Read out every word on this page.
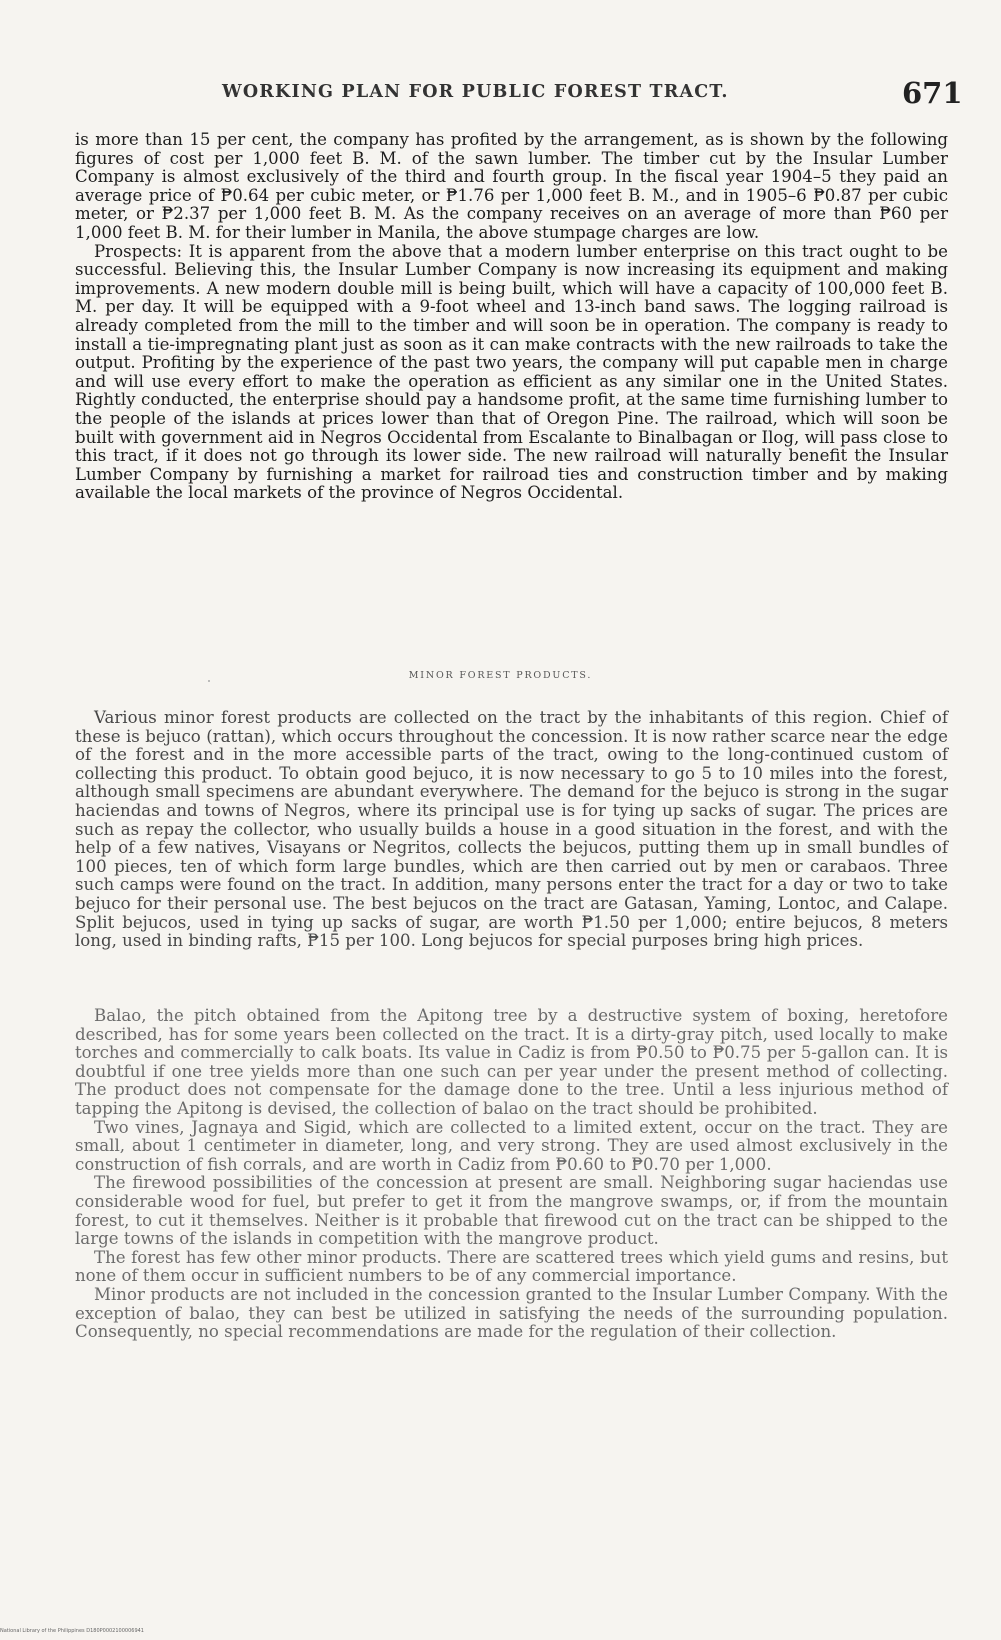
WORKING PLAN FOR PUBLIC FOREST TRACT.	671

is more than 15 per cent, the company has profited by the arrangement, as is shown by the following figures of cost per 1,000 feet B. M. of the sawn lumber. The timber cut by the Insular Lumber Company is almost exclusively of the third and fourth group. In the fiscal year 1904–5 they paid an average price of ₱0.64 per cubic meter, or ₱1.76 per 1,000 feet B. M., and in 1905–6 ₱0.87 per cubic meter, or ₱2.37 per 1,000 feet B. M. As the company receives on an average of more than ₱60 per 1,000 feet B. M. for their lumber in Manila, the above stumpage charges are low.

Prospects: It is apparent from the above that a modern lumber enterprise on this tract ought to be successful. Believing this, the Insular Lumber Company is now increasing its equipment and making improvements. A new modern double mill is being built, which will have a capacity of 100,000 feet B. M. per day. It will be equipped with a 9-foot wheel and 13-inch band saws. The logging railroad is already completed from the mill to the timber and will soon be in operation. The company is ready to install a tie-impregnating plant just as soon as it can make contracts with the new railroads to take the output. Profiting by the experience of the past two years, the company will put capable men in charge and will use every effort to make the operation as efficient as any similar one in the United States. Rightly conducted, the enterprise should pay a handsome profit, at the same time furnishing lumber to the people of the islands at prices lower than that of Oregon Pine. The railroad, which will soon be built with government aid in Negros Occidental from Escalante to Binalbagan or Ilog, will pass close to this tract, if it does not go through its lower side. The new railroad will naturally benefit the Insular Lumber Company by furnishing a market for railroad ties and construction timber and by making available the local markets of the province of Negros Occidental.

MINOR FOREST PRODUCTS.

Various minor forest products are collected on the tract by the inhabitants of this region. Chief of these is bejuco (rattan), which occurs throughout the concession. It is now rather scarce near the edge of the forest and in the more accessible parts of the tract, owing to the long-continued custom of collecting this product. To obtain good bejuco, it is now necessary to go 5 to 10 miles into the forest, although small specimens are abundant everywhere. The demand for the bejuco is strong in the sugar haciendas and towns of Negros, where its principal use is for tying up sacks of sugar. The prices are such as repay the collector, who usually builds a house in a good situation in the forest, and with the help of a few natives, Visayans or Negritos, collects the bejucos, putting them up in small bundles of 100 pieces, ten of which form large bundles, which are then carried out by men or carabaos. Three such camps were found on the tract. In addition, many persons enter the tract for a day or two to take bejuco for their personal use. The best bejucos on the tract are Gatasan, Yaming, Lontoc, and Calape. Split bejucos, used in tying up sacks of sugar, are worth ₱1.50 per 1,000; entire bejucos, 8 meters long, used in binding rafts, ₱15 per 100. Long bejucos for special purposes bring high prices.

Balao, the pitch obtained from the Apitong tree by a destructive system of boxing, heretofore described, has for some years been collected on the tract. It is a dirty-gray pitch, used locally to make torches and commercially to calk boats. Its value in Cadiz is from ₱0.50 to ₱0.75 per 5-gallon can. It is doubtful if one tree yields more than one such can per year under the present method of collecting. The product does not compensate for the damage done to the tree. Until a less injurious method of tapping the Apitong is devised, the collection of balao on the tract should be prohibited.

Two vines, Jagnaya and Sigid, which are collected to a limited extent, occur on the tract. They are small, about 1 centimeter in diameter, long, and very strong. They are used almost exclusively in the construction of fish corrals, and are worth in Cadiz from ₱0.60 to ₱0.70 per 1,000.

The firewood possibilities of the concession at present are small. Neighboring sugar haciendas use considerable wood for fuel, but prefer to get it from the mangrove swamps, or, if from the mountain forest, to cut it themselves. Neither is it probable that firewood cut on the tract can be shipped to the large towns of the islands in competition with the mangrove product.

The forest has few other minor products. There are scattered trees which yield gums and resins, but none of them occur in sufficient numbers to be of any commercial importance.

Minor products are not included in the concession granted to the Insular Lumber Company. With the exception of balao, they can best be utilized in satisfying the needs of the surrounding population. Consequently, no special recommendations are made for the regulation of their collection.

National Library of the Philippines D180P0002100006941
